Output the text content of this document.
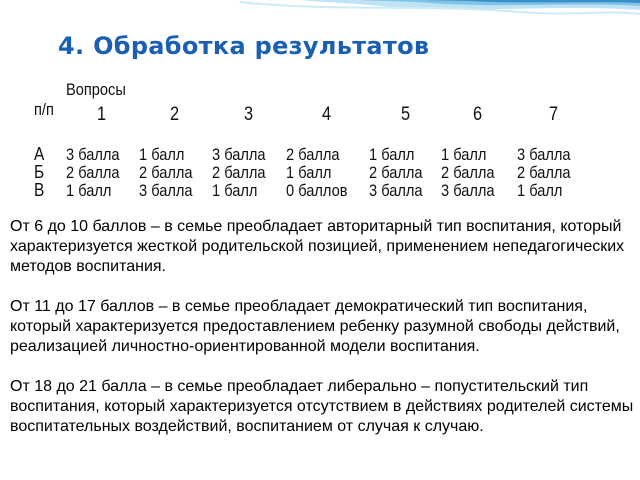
4. Обработка результатов
Вопросы
п/п 1	2	3	4	5	6	7
А 3 балла 1 балл 3 балла 2 балла 1 балл 1 балл 3 балла
Б 2 балла 2 балла 2 балла 1 балл 2 балла 2 балла 2 балла
В 1 балл 3 балла 1 балл 0 баллов 3 балла 3 балла 1 балл

От 6 до 10 баллов – в семье преобладает авторитарный тип воспитания, который характеризуется жесткой родительской позицией, применением непедагогических методов воспитания.

От 11 до 17 баллов – в семье преобладает демократический тип воспитания, который характеризуется предоставлением ребенку разумной свободы действий, реализацией личностно-ориентированной модели воспитания.

От 18 до 21 балла – в семье преобладает либерально – попустительский тип воспитания, который характеризуется отсутствием в действиях родителей системы воспитательных воздействий, воспитанием от случая к случаю.
